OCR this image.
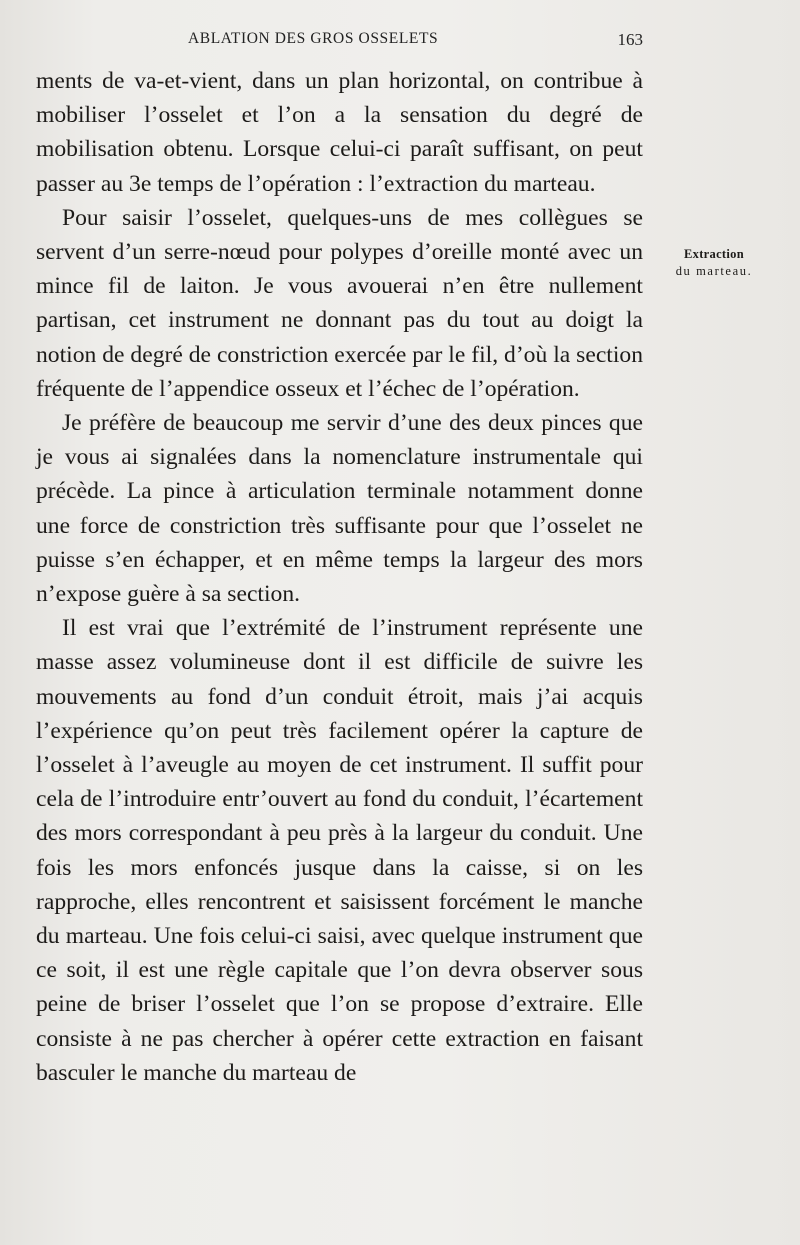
ABLATION DES GROS OSSELETS	163

ments de va-et-vient, dans un plan horizontal, on contribue à mobiliser l’osselet et l’on a la sensation du degré de mobilisation obtenu. Lorsque celui-ci paraît suffisant, on peut passer au 3e temps de l’opération : l’extraction du marteau.

Pour saisir l’osselet, quelques-uns de mes collègues se servent d’un serre-nœud pour polypes d’oreille monté avec un mince fil de laiton. Je vous avouerai n’en être nullement partisan, cet instrument ne donnant pas du tout au doigt la notion de degré de constriction exercée par le fil, d’où la section fréquente de l’appendice osseux et l’échec de l’opération.

Je préfère de beaucoup me servir d’une des deux pinces que je vous ai signalées dans la nomenclature instrumentale qui précède. La pince à articulation terminale notamment donne une force de constriction très suffisante pour que l’osselet ne puisse s’en échapper, et en même temps la largeur des mors n’expose guère à sa section.

Il est vrai que l’extrémité de l’instrument représente une masse assez volumineuse dont il est difficile de suivre les mouvements au fond d’un conduit étroit, mais j’ai acquis l’expérience qu’on peut très facilement opérer la capture de l’osselet à l’aveugle au moyen de cet instrument. Il suffit pour cela de l’introduire entr’ouvert au fond du conduit, l’écartement des mors correspondant à peu près à la largeur du conduit. Une fois les mors enfoncés jusque dans la caisse, si on les rapproche, elles rencontrent et saisissent forcément le manche du marteau. Une fois celui-ci saisi, avec quelque instrument que ce soit, il est une règle capitale que l’on devra observer sous peine de briser l’osselet que l’on se propose d’extraire. Elle consiste à ne pas chercher à opérer cette extraction en faisant basculer le manche du marteau de

Extraction
du marteau.
